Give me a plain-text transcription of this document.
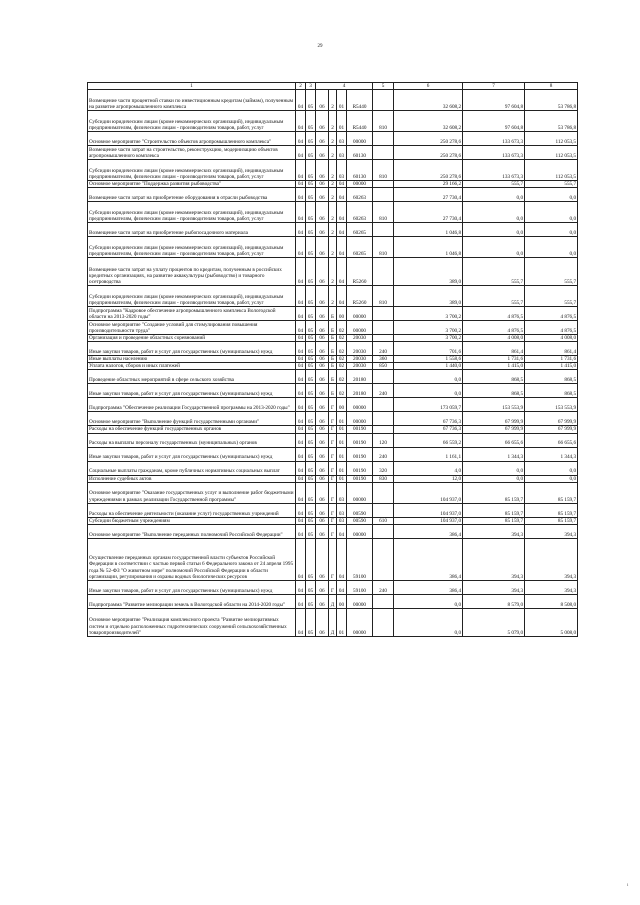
29
1	2	3	4				5	6	7	8
Возмещение части процентной ставки по инвестиционным кредитам (займам), полученным на развитие агропромышленного комплекса	04	05	06	2	01	R5440		32 608,2	97 604,8	53 786,8
Субсидии юридическим лицам (кроме некоммерческих организаций), индивидуальным предпринимателям, физическим лицам - производителям товаров, работ, услуг	04	05	06	2	01	R5440	810	32 608,2	97 604,8	53 786,8
Основное мероприятие "Строительство объектов агропромышленного комплекса"	04	05	06	2	03	00000		250 278,6	133 673,3	112 053,5
Возмещение части затрат на строительство, реконструкцию, модернизацию объектов агропромышленного комплекса	04	05	06	2	03	60130		250 278,6	133 673,3	112 053,5
Субсидии юридическим лицам (кроме некоммерческих организаций), индивидуальным предпринимателям, физическим лицам - производителям товаров, работ, услуг	04	05	06	2	03	60130	810	250 278,6	133 673,3	112 053,5
Основное мероприятие "Поддержка развития рыбоводства"	04	05	06	2	04	00000		29 166,2	555,7	555,7
Возмещение части затрат на приобретение оборудования в отрасли рыбоводства	04	05	06	2	04	60263		27 730,4	0,0	0,0
Субсидии юридическим лицам (кроме некоммерческих организаций), индивидуальным предпринимателям, физическим лицам - производителям товаров, работ, услуг	04	05	06	2	04	60263	810	27 730,4	0,0	0,0
Возмещение части затрат на приобретение рыбопосадочного материала	04	05	06	2	04	60265		1 046,8	0,0	0,0
Субсидии юридическим лицам (кроме некоммерческих организаций), индивидуальным предпринимателям, физическим лицам - производителям товаров, работ, услуг	04	05	06	2	04	60265	810	1 046,8	0,0	0,0
Возмещение части затрат на уплату процентов по кредитам, полученным в российских кредитных организациях, на развитие аквакультуры (рыбоводство) и товарного осетроводства	04	05	06	2	04	R5260		389,0	555,7	555,7
Субсидии юридическим лицам (кроме некоммерческих организаций), индивидуальным предпринимателям, физическим лицам - производителям товаров, работ, услуг	04	05	06	2	04	R5260	810	389,0	555,7	555,7
Подпрограмма "Кадровое обеспечение агропромышленного комплекса Вологодской области на 2013-2020 годы"	04	05	06	Б	00	00000		3 700,2	4 876,5	4 876,5
Основное мероприятие "Создание условий для стимулирования повышения производительности труда"	04	05	06	Б	02	00000		3 700,2	4 876,5	4 876,5
Организация и проведение областных соревнований	04	05	06	Б	02	20030		3 700,2	4 008,0	4 008,0
Иные закупки товаров, работ и услуг для государственных (муниципальных) нужд	04	05	06	Б	02	20030	240	701,6	861,4	861,4
Иные выплаты населению	04	05	06	Б	02	20030	360	1 558,6	1 731,6	1 731,6
Уплата налогов, сборов и иных платежей	04	05	06	Б	02	20030	850	1 440,0	1 415,0	1 415,0
Проведение областных мероприятий в сфере сельского хозяйства	04	05	06	Б	02	20180		0,0	868,5	868,5
Иные закупки товаров, работ и услуг для государственных (муниципальных) нужд	04	05	06	Б	02	20180	240	0,0	868,5	868,5
Подпрограмма "Обеспечение реализации Государственной программы на 2013-2020 годы"	04	05	06	Г	00	00000		173 059,7	153 553,9	153 553,9
Основное мероприятие "Выполнение функций государственными органами"	04	05	06	Г	01	00000		67 736,3	67 999,9	67 999,9
Расходы на обеспечение функций государственных органов	04	05	06	Г	01	00190		67 736,3	67 999,9	67 999,9
Расходы на выплаты персоналу государственных (муниципальных) органов	04	05	06	Г	01	00190	120	66 559,2	66 655,6	66 655,6
Иные закупки товаров, работ и услуг для государственных (муниципальных) нужд	04	05	06	Г	01	00190	240	1 161,1	1 344,3	1 344,3
Социальные выплаты гражданам, кроме публичных нормативных социальных выплат	04	05	06	Г	01	00190	320	4,0	0,0	0,0
Исполнение судебных актов	04	05	06	Г	01	00190	830	12,0	0,0	0,0
Основное мероприятие "Оказание государственных услуг и выполнение работ бюджетными учреждениями в рамках реализации Государственной программы"	04	05	06	Г	03	00000		104 937,0	85 159,7	85 159,7
Расходы на обеспечение деятельности (оказание услуг) государственных учреждений	04	05	06	Г	03	00590		104 937,0	85 159,7	85 159,7
Субсидии бюджетным учреждениям	04	05	06	Г	03	00590	610	104 937,0	85 159,7	85 159,7
Основное мероприятие "Выполнение переданных полномочий Российской Федерации"	04	05	06	Г	04	00000		386,4	394,3	394,3
Осуществление переданных органам государственной власти субъектов Российской Федерации в соответствии с частью первой статьи 6 Федерального закона от 24 апреля 1995 года № 52-ФЗ "О животном мире" полномочий Российской Федерации в области организации, регулирования и охраны водных биологических ресурсов	04	05	06	Г	04	59100		386,4	394,3	394,3
Иные закупки товаров, работ и услуг для государственных (муниципальных) нужд	04	05	06	Г	04	59100	240	386,4	394,3	394,3
Подпрограмма "Развитие мелиорации земель в Вологодской области на 2014-2020 годы"	04	05	06	Д	00	00000		0,0	8 579,0	8 508,0
Основное мероприятие "Реализация комплексного проекта "Развитие мелиоративных систем и отдельно расположенных гидротехнических сооружений сельскохозяйственных товаропроизводителей"	04	05	06	Д	01	00000		0,0	5 079,0	5 008,0
ı
